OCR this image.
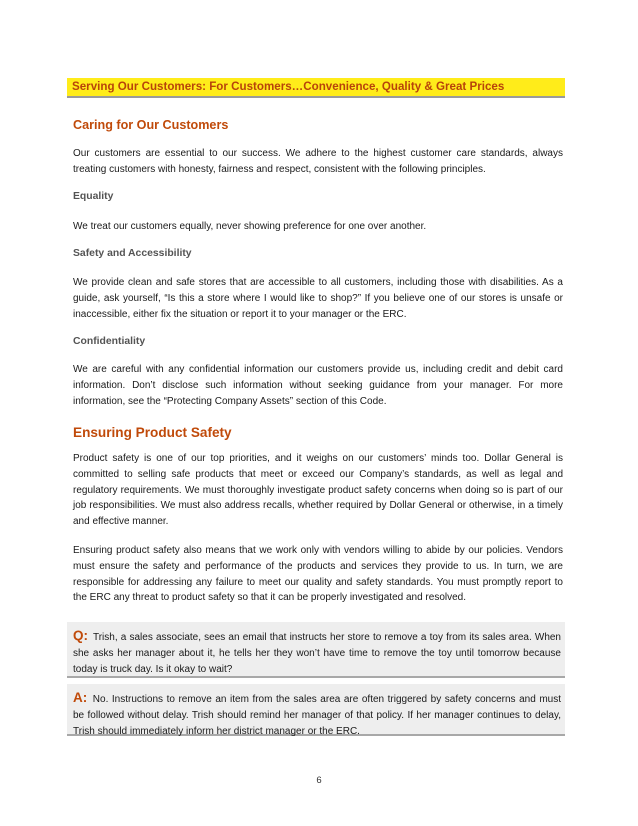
Serving Our Customers: For Customers…Convenience, Quality & Great Prices
Caring for Our Customers

Our customers are essential to our success. We adhere to the highest customer care standards, always treating customers with honesty, fairness and respect, consistent with the following principles.

Equality

We treat our customers equally, never showing preference for one over another.

Safety and Accessibility

We provide clean and safe stores that are accessible to all customers, including those with disabilities. As a guide, ask yourself, “Is this a store where I would like to shop?” If you believe one of our stores is unsafe or inaccessible, either fix the situation or report it to your manager or the ERC.

Confidentiality

We are careful with any confidential information our customers provide us, including credit and debit card information. Don’t disclose such information without seeking guidance from your manager. For more information, see the “Protecting Company Assets” section of this Code.

Ensuring Product Safety

Product safety is one of our top priorities, and it weighs on our customers’ minds too. Dollar General is committed to selling safe products that meet or exceed our Company’s standards, as well as legal and regulatory requirements. We must thoroughly investigate product safety concerns when doing so is part of our job responsibilities. We must also address recalls, whether required by Dollar General or otherwise, in a timely and effective manner.

Ensuring product safety also means that we work only with vendors willing to abide by our policies. Vendors must ensure the safety and performance of the products and services they provide to us. In turn, we are responsible for addressing any failure to meet our quality and safety standards. You must promptly report to the ERC any threat to product safety so that it can be properly investigated and resolved.

Q: Trish, a sales associate, sees an email that instructs her store to remove a toy from its sales area. When she asks her manager about it, he tells her they won’t have time to remove the toy until tomorrow because today is truck day. Is it okay to wait?
A: No. Instructions to remove an item from the sales area are often triggered by safety concerns and must be followed without delay. Trish should remind her manager of that policy. If her manager continues to delay, Trish should immediately inform her district manager or the ERC.
6
